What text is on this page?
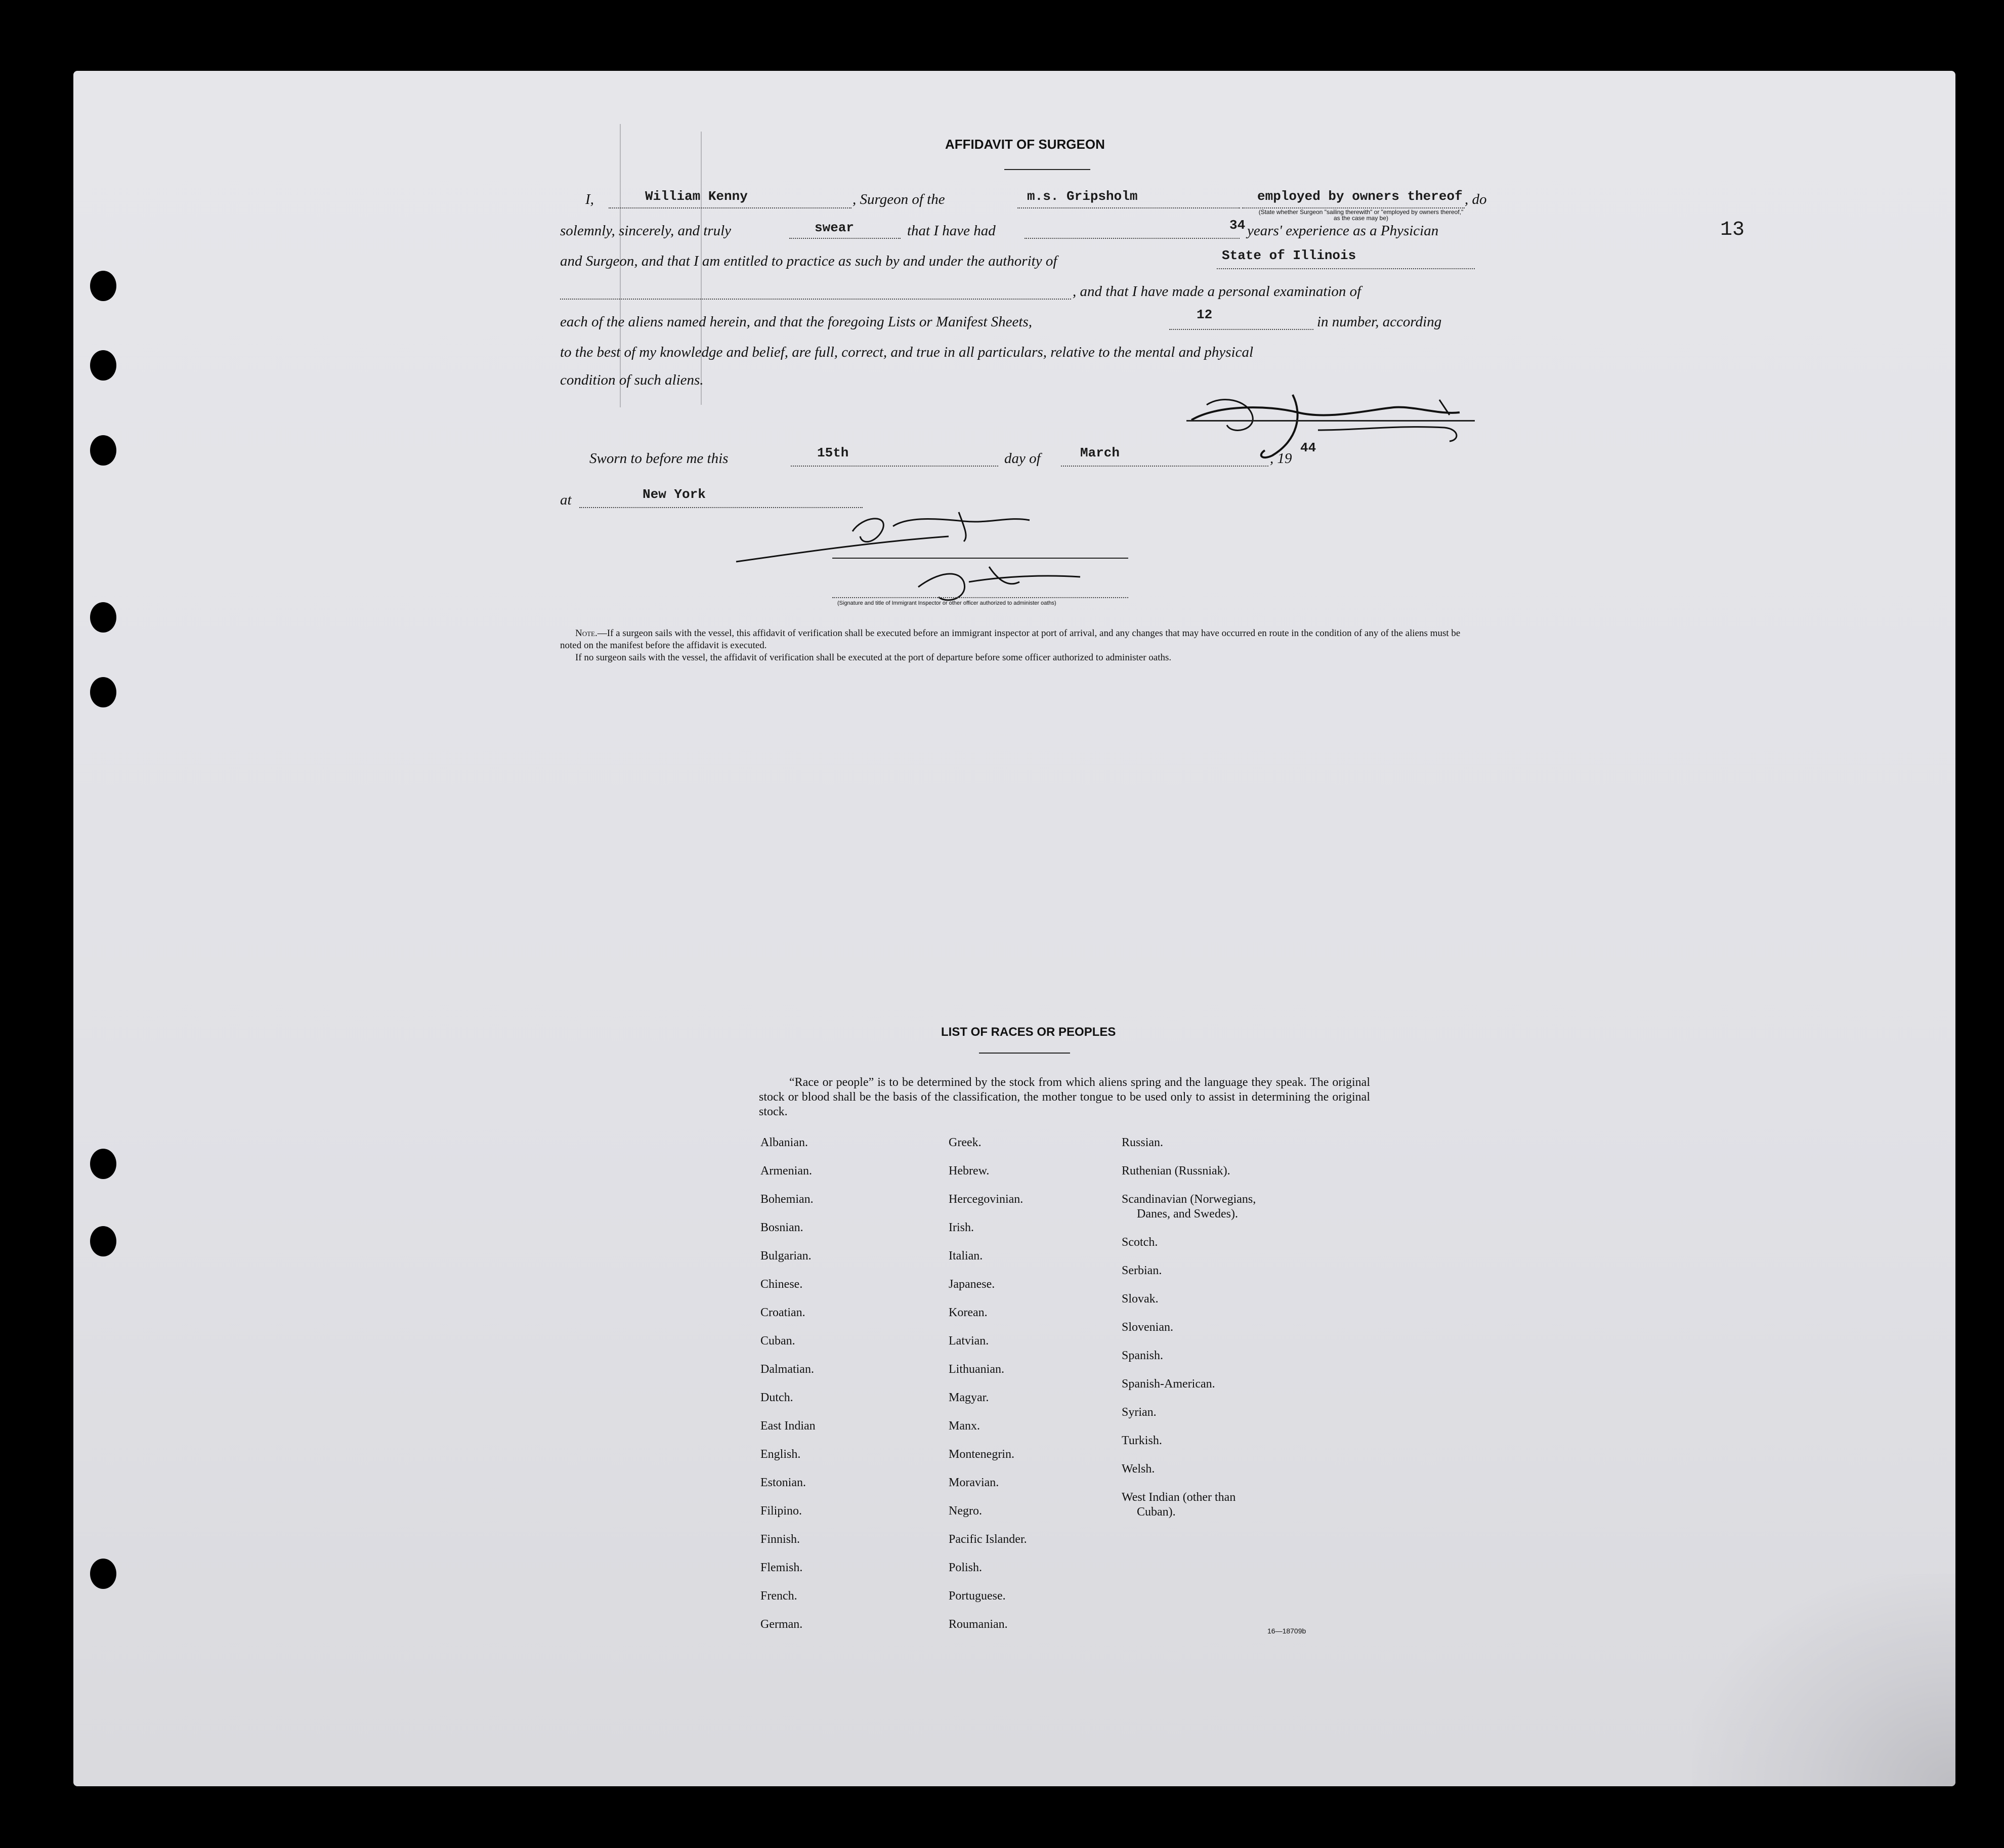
13
AFFIDAVIT OF SURGEON
I,	William Kenny	, Surgeon of the	m.s. Gripsholm	employed by owners thereof
(State whether Surgeon "sailing therewith" or "employed by owners thereof," as the case may be)
, do
solemnly, sincerely, and truly	swear	that I have had	34 years' experience as a Physician
and Surgeon, and that I am entitled to practice as such by and under the authority of	State of Illinois
, and that I have made a personal examination of
each of the aliens named herein, and that the foregoing Lists or Manifest Sheets,	12	in number, according
to the best of my knowledge and belief, are full, correct, and true in all particulars, relative to the mental and physical
condition of such aliens.
Sworn to before me this	15th	day of	March	, 19
44
at	New York
(Signature and title of Immigrant Inspector or other officer authorized to administer oaths)
Note.—If a surgeon sails with the vessel, this affidavit of verification shall be executed before an immigrant inspector at port of arrival, and any changes that may have occurred en route in the condition of any of the aliens must be noted on the manifest before the affidavit is executed.
If no surgeon sails with the vessel, the affidavit of verification shall be executed at the port of departure before some officer authorized to administer oaths.
LIST OF RACES OR PEOPLES
“Race or people” is to be determined by the stock from which aliens spring and the language they speak. The original stock or blood shall be the basis of the classification, the mother tongue to be used only to assist in determining the original stock.
Albanian.
Armenian.
Bohemian.
Bosnian.
Bulgarian.
Chinese.
Croatian.
Cuban.
Dalmatian.
Dutch.
East Indian
English.
Estonian.
Filipino.
Finnish.
Flemish.
French.
German.
Greek.
Hebrew.
Hercegovinian.
Irish.
Italian.
Japanese.
Korean.
Latvian.
Lithuanian.
Magyar.
Manx.
Montenegrin.
Moravian.
Negro.
Pacific Islander.
Polish.
Portuguese.
Roumanian.
Russian.
Ruthenian (Russniak).
Scandinavian (Norwegians,
Danes, and Swedes).
Scotch.
Serbian.
Slovak.
Slovenian.
Spanish.
Spanish-American.
Syrian.
Turkish.
Welsh.
West Indian (other than
Cuban).
16—18709b
